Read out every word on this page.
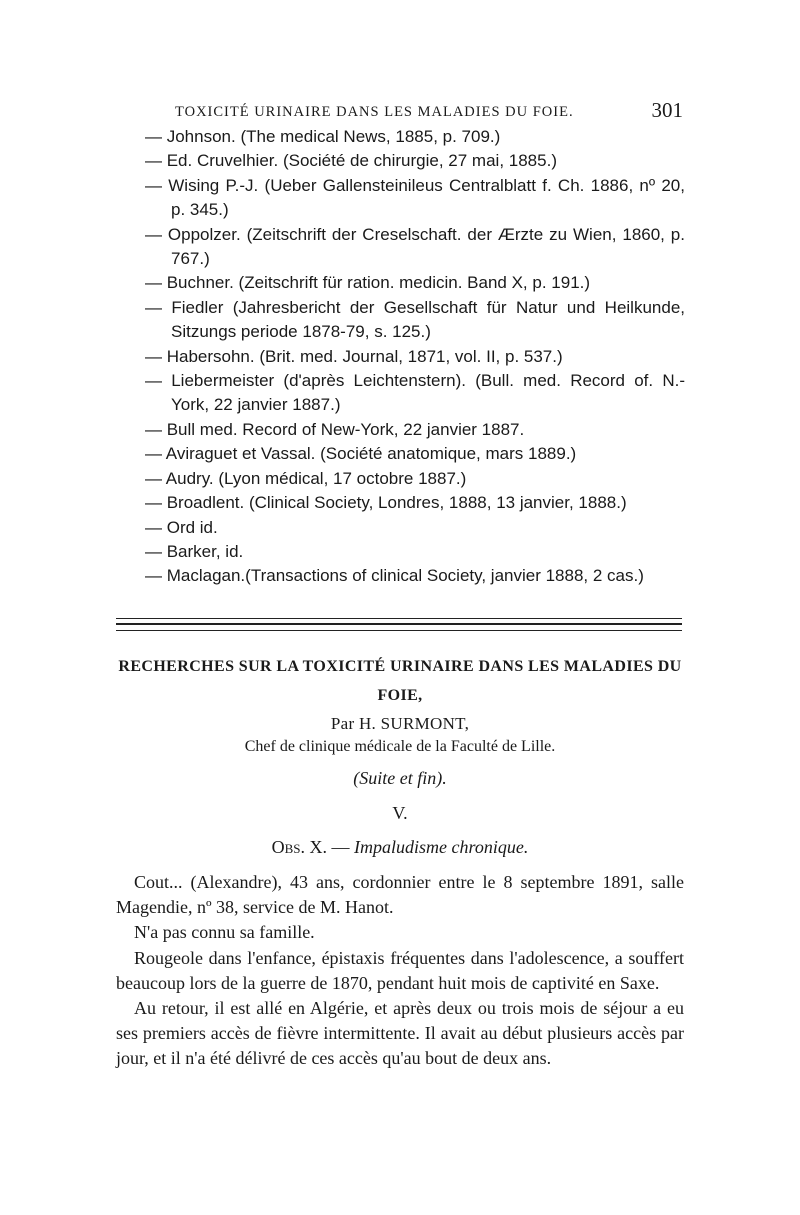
TOXICITÉ URINAIRE DANS LES MALADIES DU FOIE.	301
— Johnson. (The medical News, 1885, p. 709.)
— Ed. Cruvelhier. (Société de chirurgie, 27 mai, 1885.)
— Wising P.-J. (Ueber Gallensteinileus Centralblatt f. Ch. 1886, nº 20, p. 345.)
— Oppolzer. (Zeitschrift der Creselschaft. der Ærzte zu Wien, 1860, p. 767.)
— Buchner. (Zeitschrift für ration. medicin. Band X, p. 191.)
— Fiedler (Jahresbericht der Gesellschaft für Natur und Heilkunde, Sitzungs periode 1878-79, s. 125.)
— Habersohn. (Brit. med. Journal, 1871, vol. II, p. 537.)
— Liebermeister (d'après Leichtenstern). (Bull. med. Record of. N.-York, 22 janvier 1887.)
— Bull med. Record of New-York, 22 janvier 1887.
— Aviraguet et Vassal. (Société anatomique, mars 1889.)
— Audry. (Lyon médical, 17 octobre 1887.)
— Broadlent. (Clinical Society, Londres, 1888, 13 janvier, 1888.)
— Ord id.
— Barker, id.
— Maclagan.(Transactions of clinical Society, janvier 1888, 2 cas.)
RECHERCHES SUR LA TOXICITÉ URINAIRE DANS LES MALADIES DU FOIE,
Par H. SURMONT,
Chef de clinique médicale de la Faculté de Lille.
(Suite et fin).
V.
Obs. X. — Impaludisme chronique.

Cout... (Alexandre), 43 ans, cordonnier entre le 8 septembre 1891, salle Magendie, nº 38, service de M. Hanot.

N'a pas connu sa famille.

Rougeole dans l'enfance, épistaxis fréquentes dans l'adolescence, a souffert beaucoup lors de la guerre de 1870, pendant huit mois de captivité en Saxe.

Au retour, il est allé en Algérie, et après deux ou trois mois de séjour a eu ses premiers accès de fièvre intermittente. Il avait au début plusieurs accès par jour, et il n'a été délivré de ces accès qu'au bout de deux ans.
